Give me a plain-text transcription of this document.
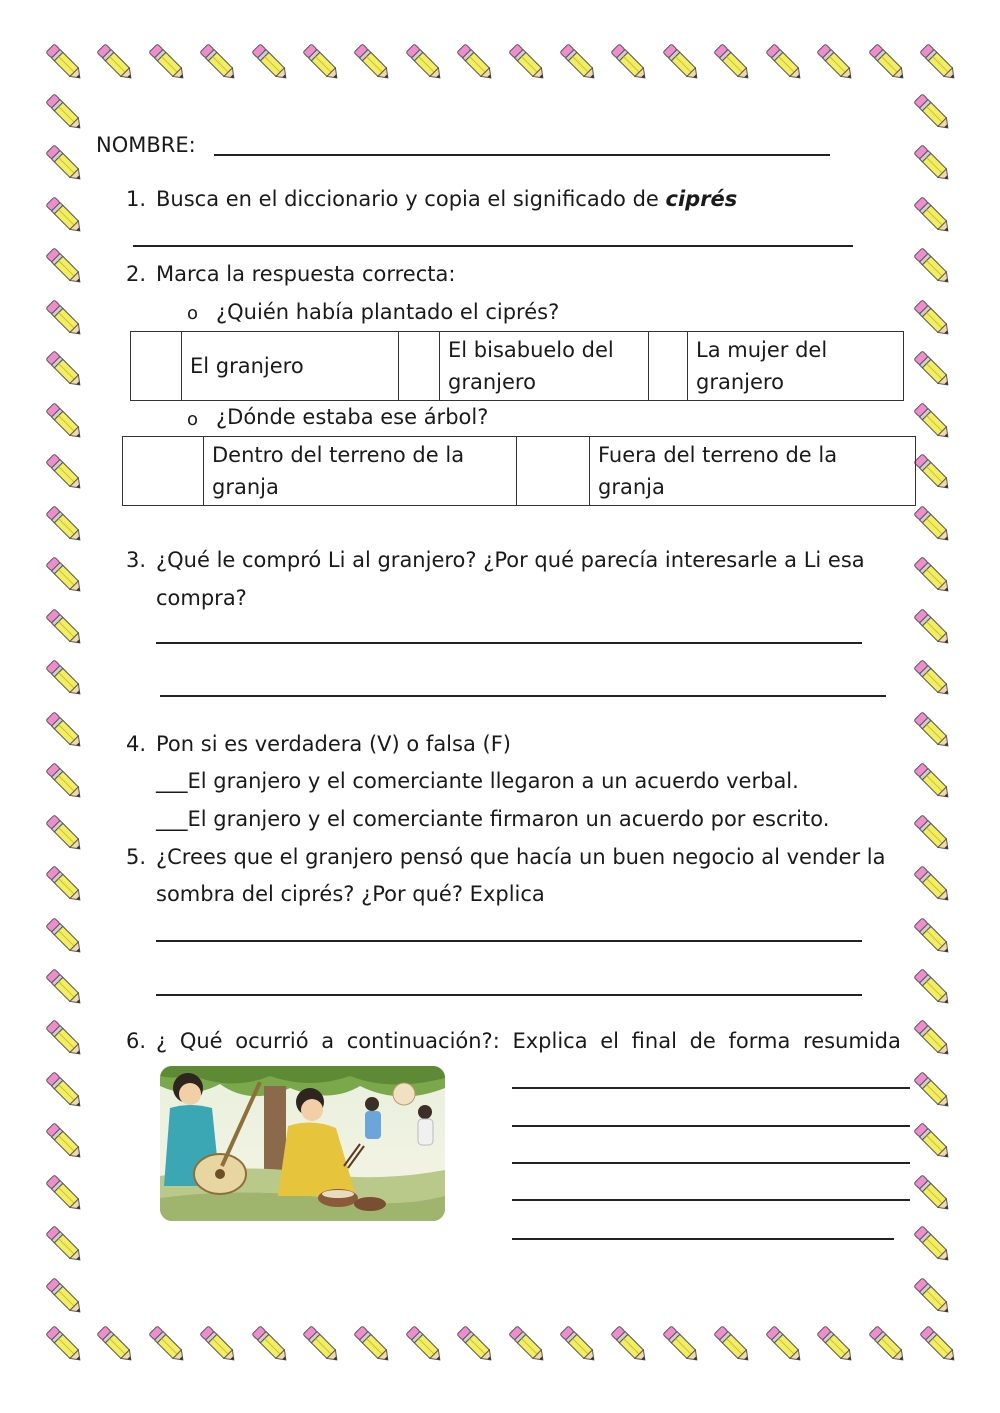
NOMBRE:
1. Busca en el diccionario y copia el significado de ciprés
2. Marca la respuesta correcta:
o ¿Quién había plantado el ciprés?
	El granjero		El bisabuelo del granjero		La mujer del granjero
o ¿Dónde estaba ese árbol?
	Dentro del terreno de la granja		Fuera del terreno de la granja
3. ¿Qué le compró Li al granjero? ¿Por qué parecía interesarle a Li esa
compra?
4. Pon si es verdadera (V) o falsa (F)
___El granjero y el comerciante llegaron a un acuerdo verbal.
___El granjero y el comerciante firmaron un acuerdo por escrito.
5. ¿Crees que el granjero pensó que hacía un buen negocio al vender la
sombra del ciprés? ¿Por qué? Explica
6. ¿ Qué ocurrió a continuación?: Explica el final de forma resumida
